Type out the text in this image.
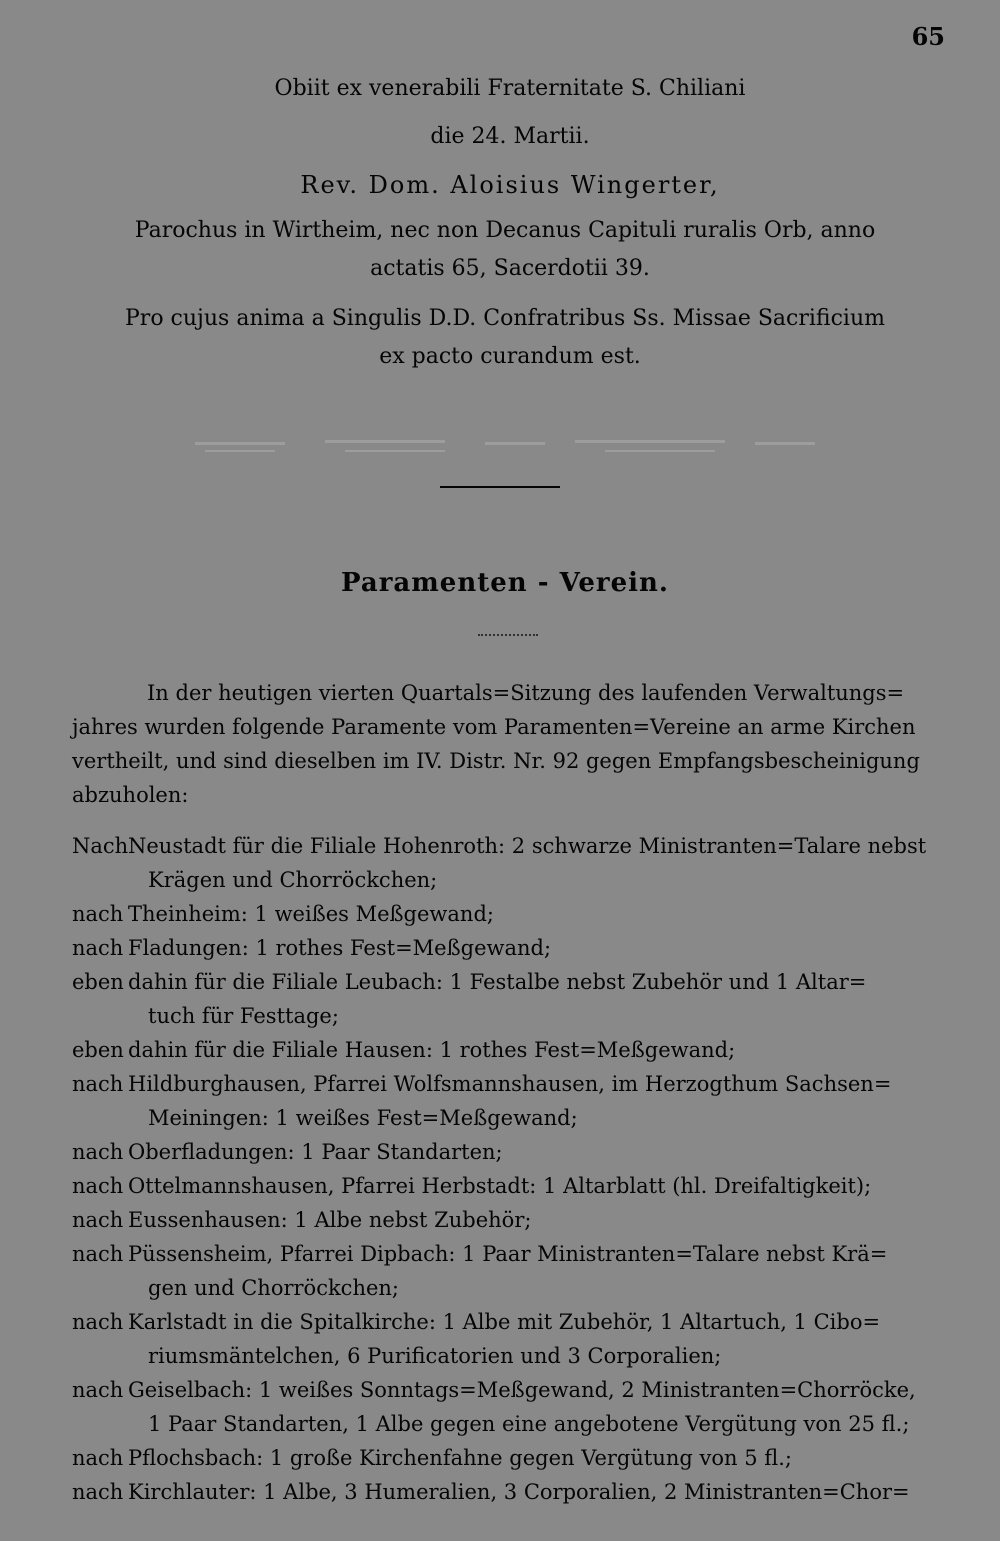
65

Obiit ex venerabili Fraternitate S. Chiliani

die 24. Martii.

Rev. Dom. Aloisius Wingerter,

Parochus in Wirtheim, nec non Decanus Capituli ruralis Orb, anno

actatis 65, Sacerdotii 39.

Pro cujus anima a Singulis D.D. Confratribus Ss. Missae Sacrificium

ex pacto curandum est.

Paramenten - Verein.

In der heutigen vierten Quartals=Sitzung des laufenden Verwaltungs=

jahres wurden folgende Paramente vom Paramenten=Vereine an arme Kirchen

vertheilt, und sind dieselben im IV. Distr. Nr. 92 gegen Empfangsbescheinigung

abzuholen:

Nach Neustadt für die Filiale Hohenroth: 2 schwarze Ministranten=Talare nebst
Krägen und Chorröckchen;
nach Theinheim: 1 weißes Meßgewand;
nach Fladungen: 1 rothes Fest=Meßgewand;
eben dahin für die Filiale Leubach: 1 Festalbe nebst Zubehör und 1 Altar=
tuch für Festtage;
eben dahin für die Filiale Hausen: 1 rothes Fest=Meßgewand;
nach Hildburghausen, Pfarrei Wolfsmannshausen, im Herzogthum Sachsen=
Meiningen: 1 weißes Fest=Meßgewand;
nach Oberfladungen: 1 Paar Standarten;
nach Ottelmannshausen, Pfarrei Herbstadt: 1 Altarblatt (hl. Dreifaltigkeit);
nach Eussenhausen: 1 Albe nebst Zubehör;
nach Püssensheim, Pfarrei Dipbach: 1 Paar Ministranten=Talare nebst Krä=
gen und Chorröckchen;
nach Karlstadt in die Spitalkirche: 1 Albe mit Zubehör, 1 Altartuch, 1 Cibo=
riumsmäntelchen, 6 Purificatorien und 3 Corporalien;
nach Geiselbach: 1 weißes Sonntags=Meßgewand, 2 Ministranten=Chorröcke,
1 Paar Standarten, 1 Albe gegen eine angebotene Vergütung von 25 fl.;
nach Pflochsbach: 1 große Kirchenfahne gegen Vergütung von 5 fl.;
nach Kirchlauter: 1 Albe, 3 Humeralien, 3 Corporalien, 2 Ministranten=Chor=
